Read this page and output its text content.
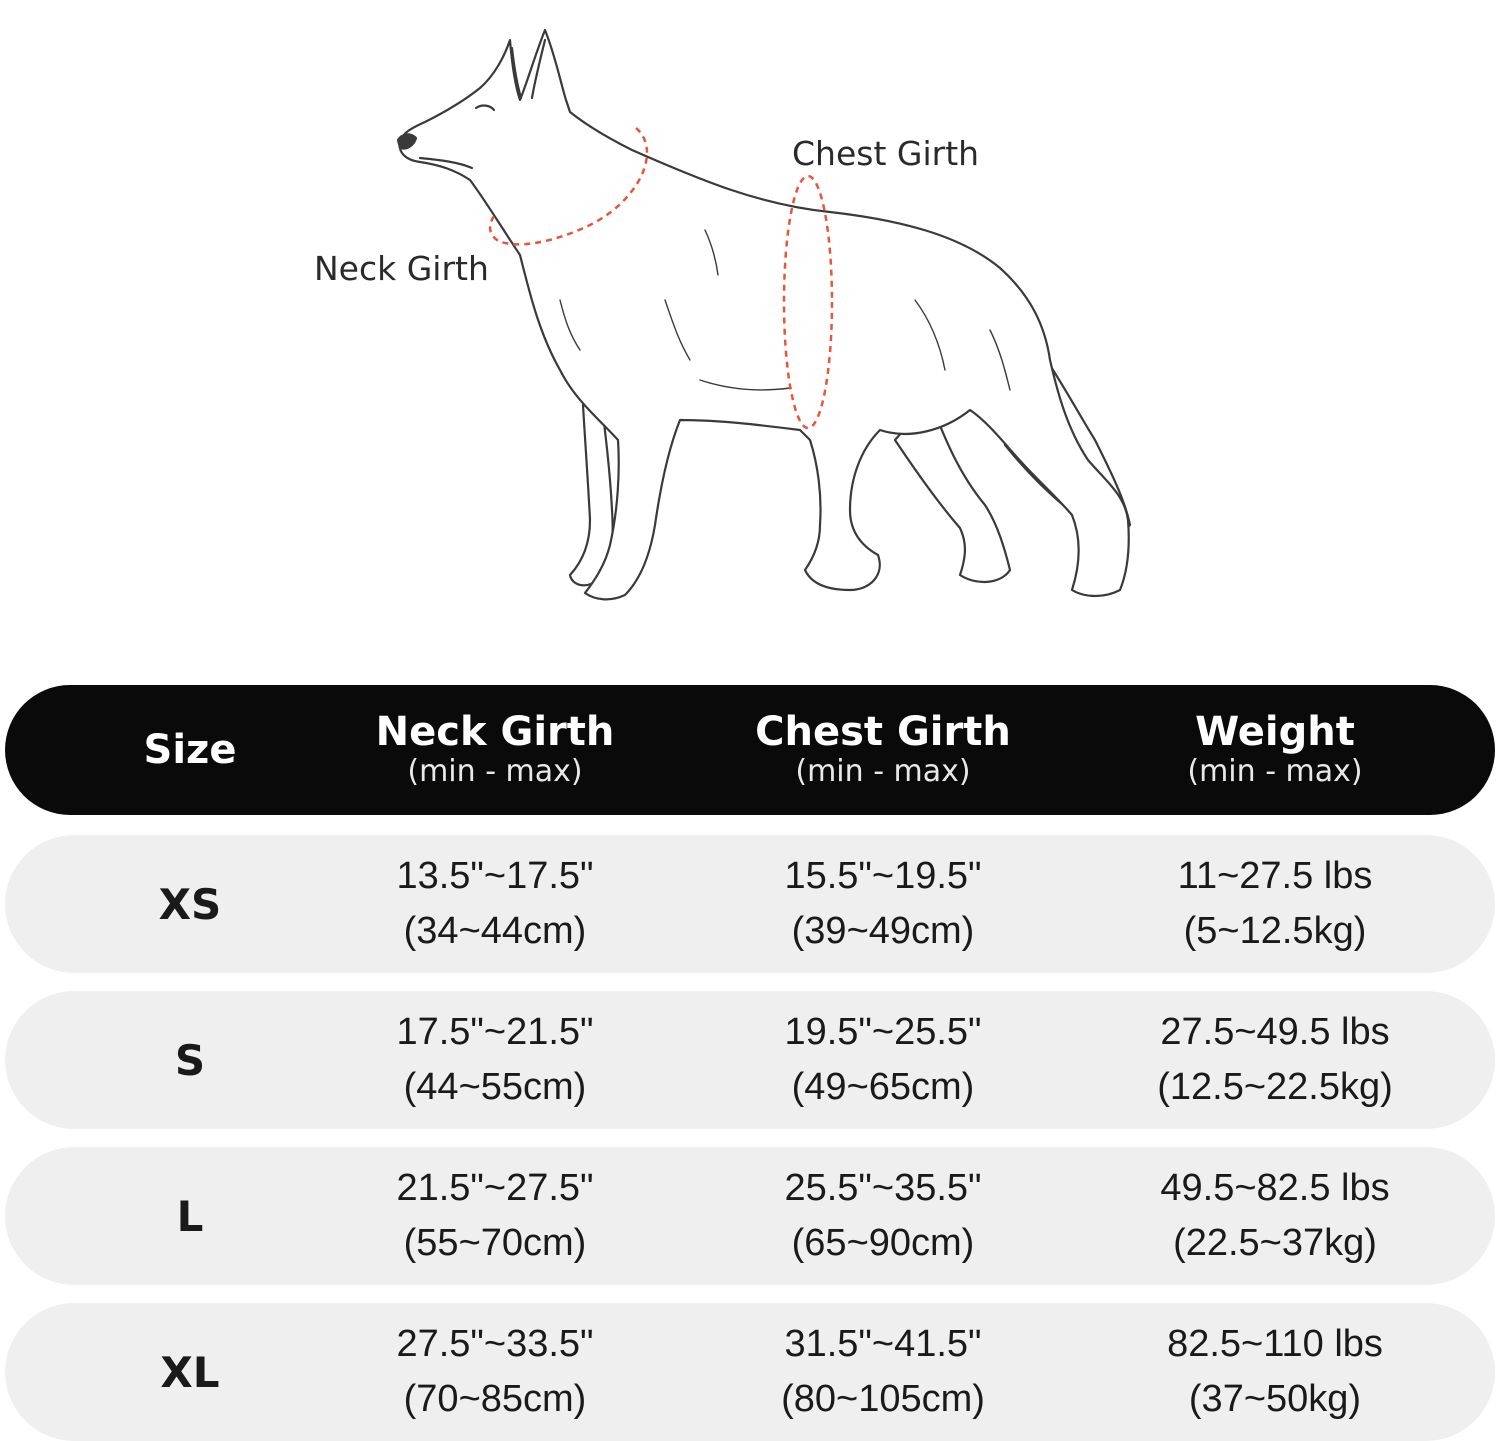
Chest Girth
Neck Girth
Size	Neck Girth
(min - max)
Chest Girth
(min - max)
Weight
(min - max)
XS
13.5"~17.5"
(34~44cm)
15.5"~19.5"
(39~49cm)
11~27.5 lbs
(5~12.5kg)
S
17.5"~21.5"
(44~55cm)
19.5"~25.5"
(49~65cm)
27.5~49.5 lbs
(12.5~22.5kg)
L
21.5"~27.5"
(55~70cm)
25.5"~35.5"
(65~90cm)
49.5~82.5 lbs
(22.5~37kg)
XL
27.5"~33.5"
(70~85cm)
31.5"~41.5"
(80~105cm)
82.5~110 lbs
(37~50kg)
